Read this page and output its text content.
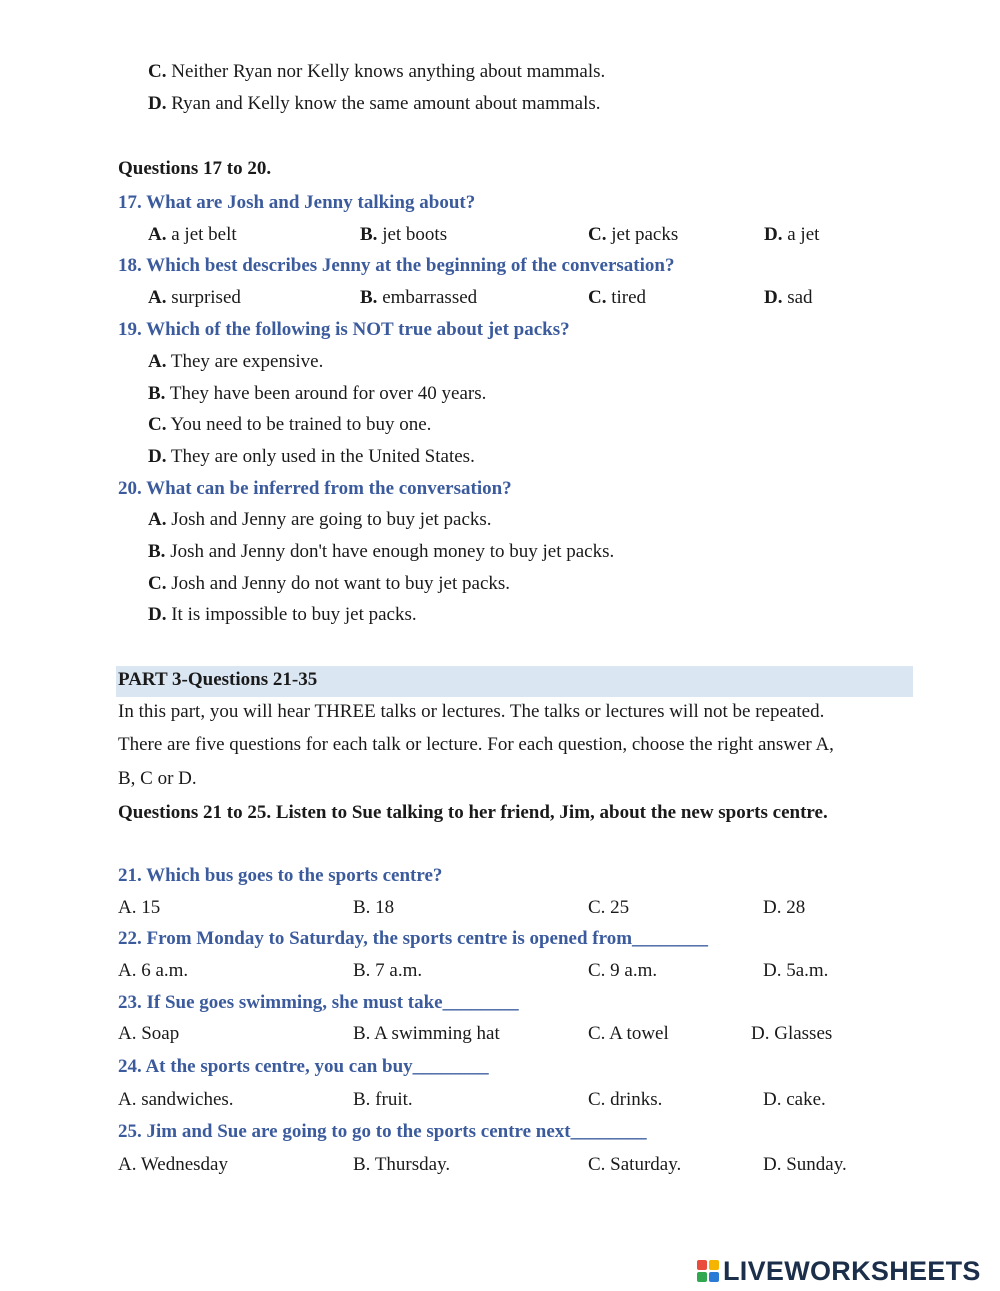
C. Neither Ryan nor Kelly knows anything about mammals.
D. Ryan and Kelly know the same amount about mammals.
Questions 17 to 20.
17. What are Josh and Jenny talking about?
A. a jet belt	B. jet boots	C. jet packs	D. a jet
18. Which best describes Jenny at the beginning of the conversation?
A. surprised	B. embarrassed	C. tired	D. sad
19. Which of the following is NOT true about jet packs?
A. They are expensive.
B. They have been around for over 40 years.
C. You need to be trained to buy one.
D. They are only used in the United States.
20. What can be inferred from the conversation?
A. Josh and Jenny are going to buy jet packs.
B. Josh and Jenny don't have enough money to buy jet packs.
C. Josh and Jenny do not want to buy jet packs.
D. It is impossible to buy jet packs.
PART 3-Questions 21-35
In this part, you will hear THREE talks or lectures. The talks or lectures will not be repeated.
There are five questions for each talk or lecture. For each question, choose the right answer A,
B, C or D.
Questions 21 to 25. Listen to Sue talking to her friend, Jim, about the new sports centre.
21. Which bus goes to the sports centre?
A. 15	B. 18	C. 25	D. 28
22. From Monday to Saturday, the sports centre is opened from________
A. 6 a.m.	B. 7 a.m.	C. 9 a.m.	D. 5a.m.
23. If Sue goes swimming, she must take________
A. Soap	B. A swimming hat	C. A towel	D. Glasses
24. At the sports centre, you can buy________
A. sandwiches.	B. fruit.	C. drinks.	D. cake.
25. Jim and Sue are going to go to the sports centre next________
A. Wednesday	B. Thursday.	C. Saturday.	D. Sunday.
LIVEWORKSHEETS
